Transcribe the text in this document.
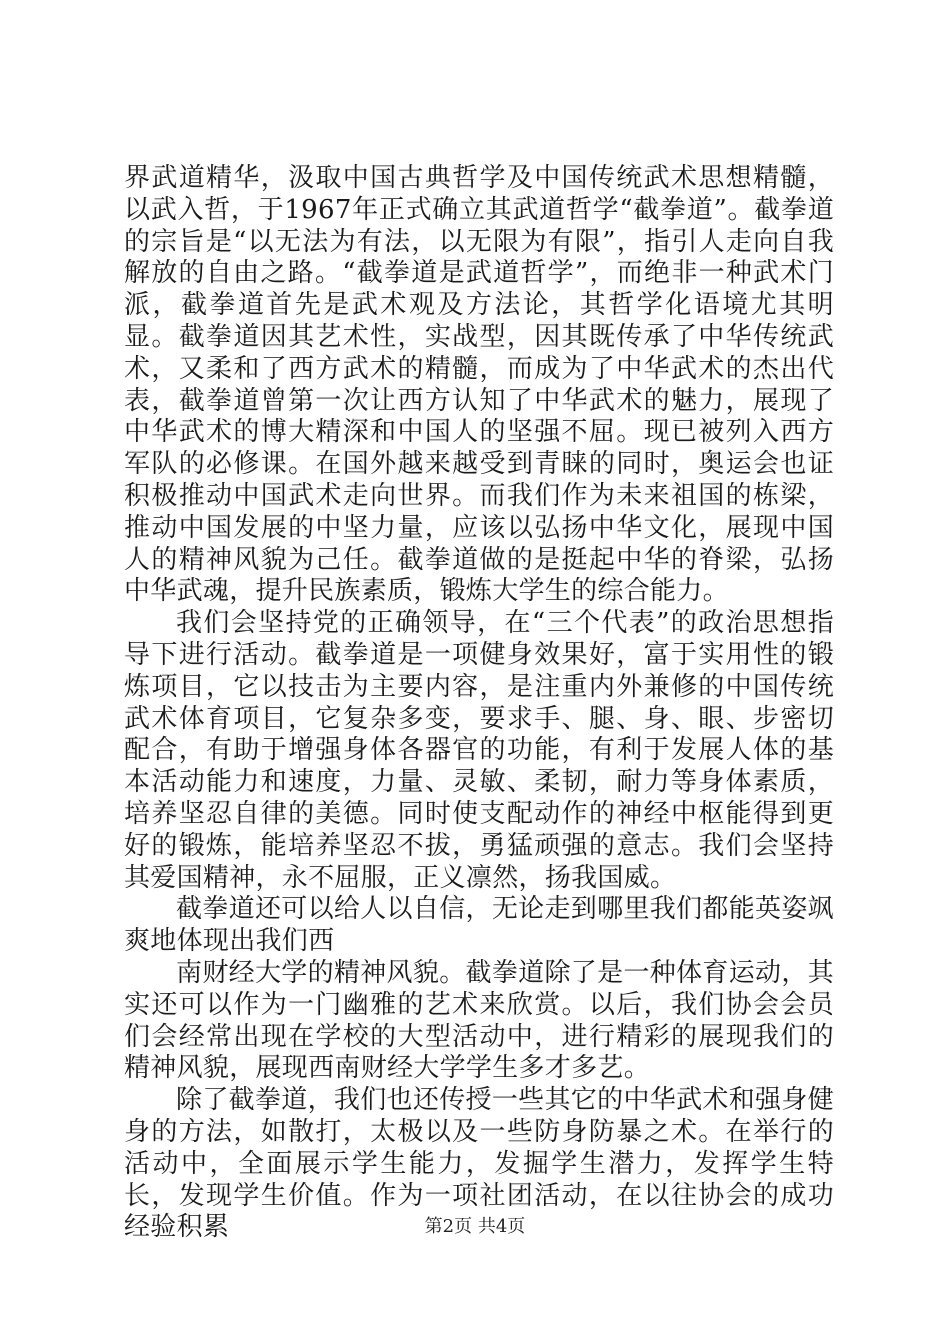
界武道精华，汲取中国古典哲学及中国传统武术思想精髓，以武入哲，于1967年正式确立其武道哲学“截拳道”。截拳道的宗旨是“以无法为有法，以无限为有限”，指引人走向自我解放的自由之路。“截拳道是武道哲学”，而绝非一种武术门派，截拳道首先是武术观及方法论，其哲学化语境尤其明显。截拳道因其艺术性，实战型，因其既传承了中华传统武术，又柔和了西方武术的精髓，而成为了中华武术的杰出代表，截拳道曾第一次让西方认知了中华武术的魅力，展现了中华武术的博大精深和中国人的坚强不屈。现已被列入西方军队的必修课。在国外越来越受到青睐的同时，奥运会也证积极推动中国武术走向世界。而我们作为未来祖国的栋梁，推动中国发展的中坚力量，应该以弘扬中华文化，展现中国人的精神风貌为己任。截拳道做的是挺起中华的脊梁，弘扬中华武魂，提升民族素质，锻炼大学生的综合能力。

我们会坚持党的正确领导，在“三个代表”的政治思想指导下进行活动。截拳道是一项健身效果好，富于实用性的锻炼项目，它以技击为主要内容，是注重内外兼修的中国传统武术体育项目，它复杂多变，要求手、腿、身、眼、步密切配合，有助于增强身体各器官的功能，有利于发展人体的基本活动能力和速度，力量、灵敏、柔韧，耐力等身体素质，培养坚忍自律的美德。同时使支配动作的神经中枢能得到更好的锻炼，能培养坚忍不拔，勇猛顽强的意志。我们会坚持其爱国精神，永不屈服，正义凛然，扬我国威。

截拳道还可以给人以自信，无论走到哪里我们都能英姿飒爽地体现出我们西

南财经大学的精神风貌。截拳道除了是一种体育运动，其实还可以作为一门幽雅的艺术来欣赏。以后，我们协会会员们会经常出现在学校的大型活动中，进行精彩的展现我们的精神风貌，展现西南财经大学学生多才多艺。

除了截拳道，我们也还传授一些其它的中华武术和强身健身的方法，如散打，太极以及一些防身防暴之术。在举行的活动中，全面展示学生能力，发掘学生潜力，发挥学生特长，发现学生价值。作为一项社团活动，在以往协会的成功经验积累	第2页 共4页
